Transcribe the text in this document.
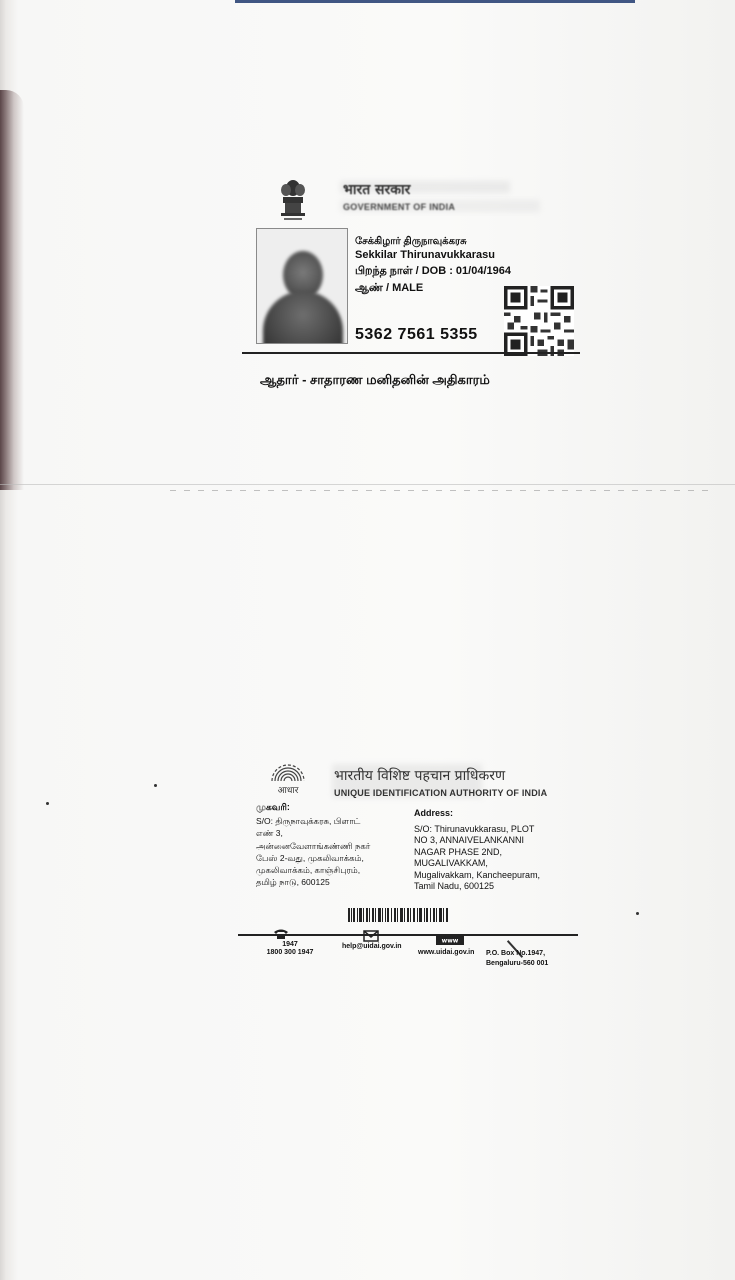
भारत सरकार
GOVERNMENT OF INDIA
சேக்கிழார் திருநாவுக்கரசு
Sekkilar Thirunavukkarasu
பிறந்த நாள் / DOB : 01/04/1964
ஆண் / MALE
5362 7561 5355
ஆதார் - சாதாரண மனிதனின் அதிகாரம்
आधार
भारतीय विशिष्ट पहचान प्राधिकरण
UNIQUE IDENTIFICATION AUTHORITY OF INDIA
முகவரி:
S/O: திருநாவுக்கரசு, பிளாட்
எண் 3,
அன்னைவேளாங்கண்ணி நகர்
பேஸ் 2-வது, முகலிவாக்கம்,
முகலிவாக்கம், காஞ்சிபுரம்,
தமிழ் நாடு, 600125
Address:
S/O: Thirunavukkarasu, PLOT
NO 3, ANNAIVELANKANNI
NAGAR PHASE 2ND,
MUGALIVAKKAM,
Mugalivakkam, Kancheepuram,
Tamil Nadu, 600125
www
1947
1800 300 1947
help@uidai.gov.in
www.uidai.gov.in P.O. Box No.1947,
Bengaluru-560 001
